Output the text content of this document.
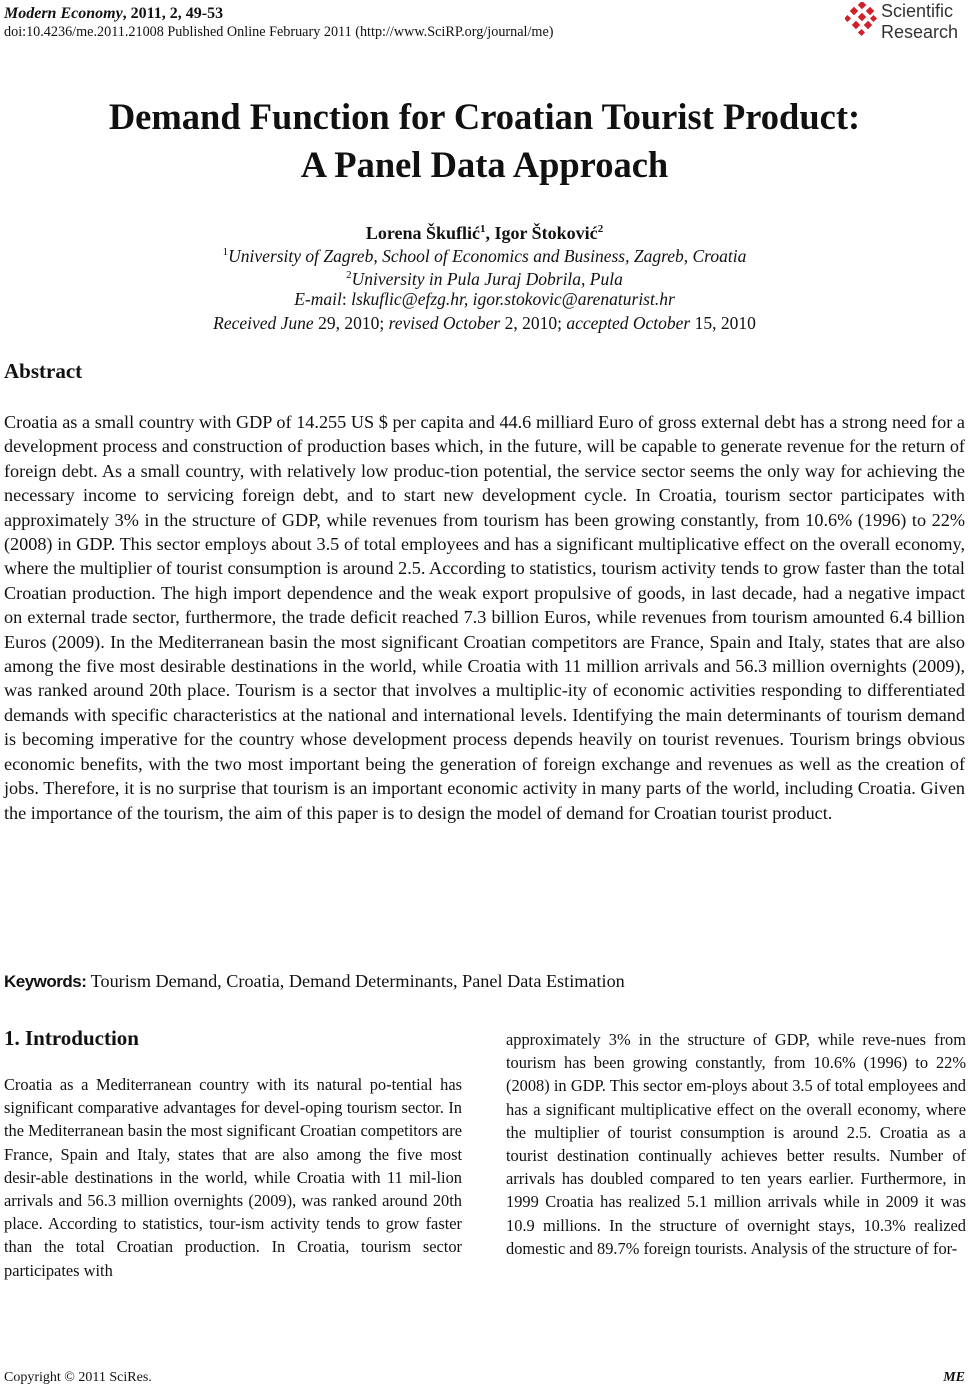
Modern Economy, 2011, 2, 49-53
doi:10.4236/me.2011.21008 Published Online February 2011 (http://www.SciRP.org/journal/me)
Scientific
Research
Demand Function for Croatian Tourist Product:
A Panel Data Approach
Lorena Škuflić$^1$, Igor Štoković$^2$
$^1$University of Zagreb, School of Economics and Business, Zagreb, Croatia
$^2$University in Pula Juraj Dobrila, Pula
E-mail: lskuflic@efzg.hr, igor.stokovic@arenaturist.hr
Received June 29, 2010; revised October 2, 2010; accepted October 15, 2010
Abstract
Croatia as a small country with GDP of 14.255 US $ per capita and 44.6 milliard Euro of gross external debt has a strong need for a development process and construction of production bases which, in the future, will be capable to generate revenue for the return of foreign debt. As a small country, with relatively low produc-tion potential, the service sector seems the only way for achieving the necessary income to servicing foreign debt, and to start new development cycle. In Croatia, tourism sector participates with approximately 3% in the structure of GDP, while revenues from tourism has been growing constantly, from 10.6% (1996) to 22% (2008) in GDP. This sector employs about 3.5 of total employees and has a significant multiplicative effect on the overall economy, where the multiplier of tourist consumption is around 2.5. According to statistics, tourism activity tends to grow faster than the total Croatian production. The high import dependence and the weak export propulsive of goods, in last decade, had a negative impact on external trade sector, furthermore, the trade deficit reached 7.3 billion Euros, while revenues from tourism amounted 6.4 billion Euros (2009). In the Mediterranean basin the most significant Croatian competitors are France, Spain and Italy, states that are also among the five most desirable destinations in the world, while Croatia with 11 million arrivals and 56.3 million overnights (2009), was ranked around 20th place. Tourism is a sector that involves a multiplic-ity of economic activities responding to differentiated demands with specific characteristics at the national and international levels. Identifying the main determinants of tourism demand is becoming imperative for the country whose development process depends heavily on tourist revenues. Tourism brings obvious economic benefits, with the two most important being the generation of foreign exchange and revenues as well as the creation of jobs. Therefore, it is no surprise that tourism is an important economic activity in many parts of the world, including Croatia. Given the importance of the tourism, the aim of this paper is to design the model of demand for Croatian tourist product.
Keywords: Tourism Demand, Croatia, Demand Determinants, Panel Data Estimation
1. Introduction
Croatia as a Mediterranean country with its natural po-tential has significant comparative advantages for devel-oping tourism sector. In the Mediterranean basin the most significant Croatian competitors are France, Spain and Italy, states that are also among the five most desir-able destinations in the world, while Croatia with 11 mil-lion arrivals and 56.3 million overnights (2009), was ranked around 20th place. According to statistics, tour-ism activity tends to grow faster than the total Croatian production. In Croatia, tourism sector participates with
approximately 3% in the structure of GDP, while reve-nues from tourism has been growing constantly, from 10.6% (1996) to 22% (2008) in GDP. This sector em-ploys about 3.5 of total employees and has a significant multiplicative effect on the overall economy, where the multiplier of tourist consumption is around 2.5. Croatia as a tourist destination continually achieves better results. Number of arrivals has doubled compared to ten years earlier. Furthermore, in 1999 Croatia has realized 5.1 million arrivals while in 2009 it was 10.9 millions. In the structure of overnight stays, 10.3% realized domestic and 89.7% foreign tourists. Analysis of the structure of for-
Copyright © 2011 SciRes.	ME
